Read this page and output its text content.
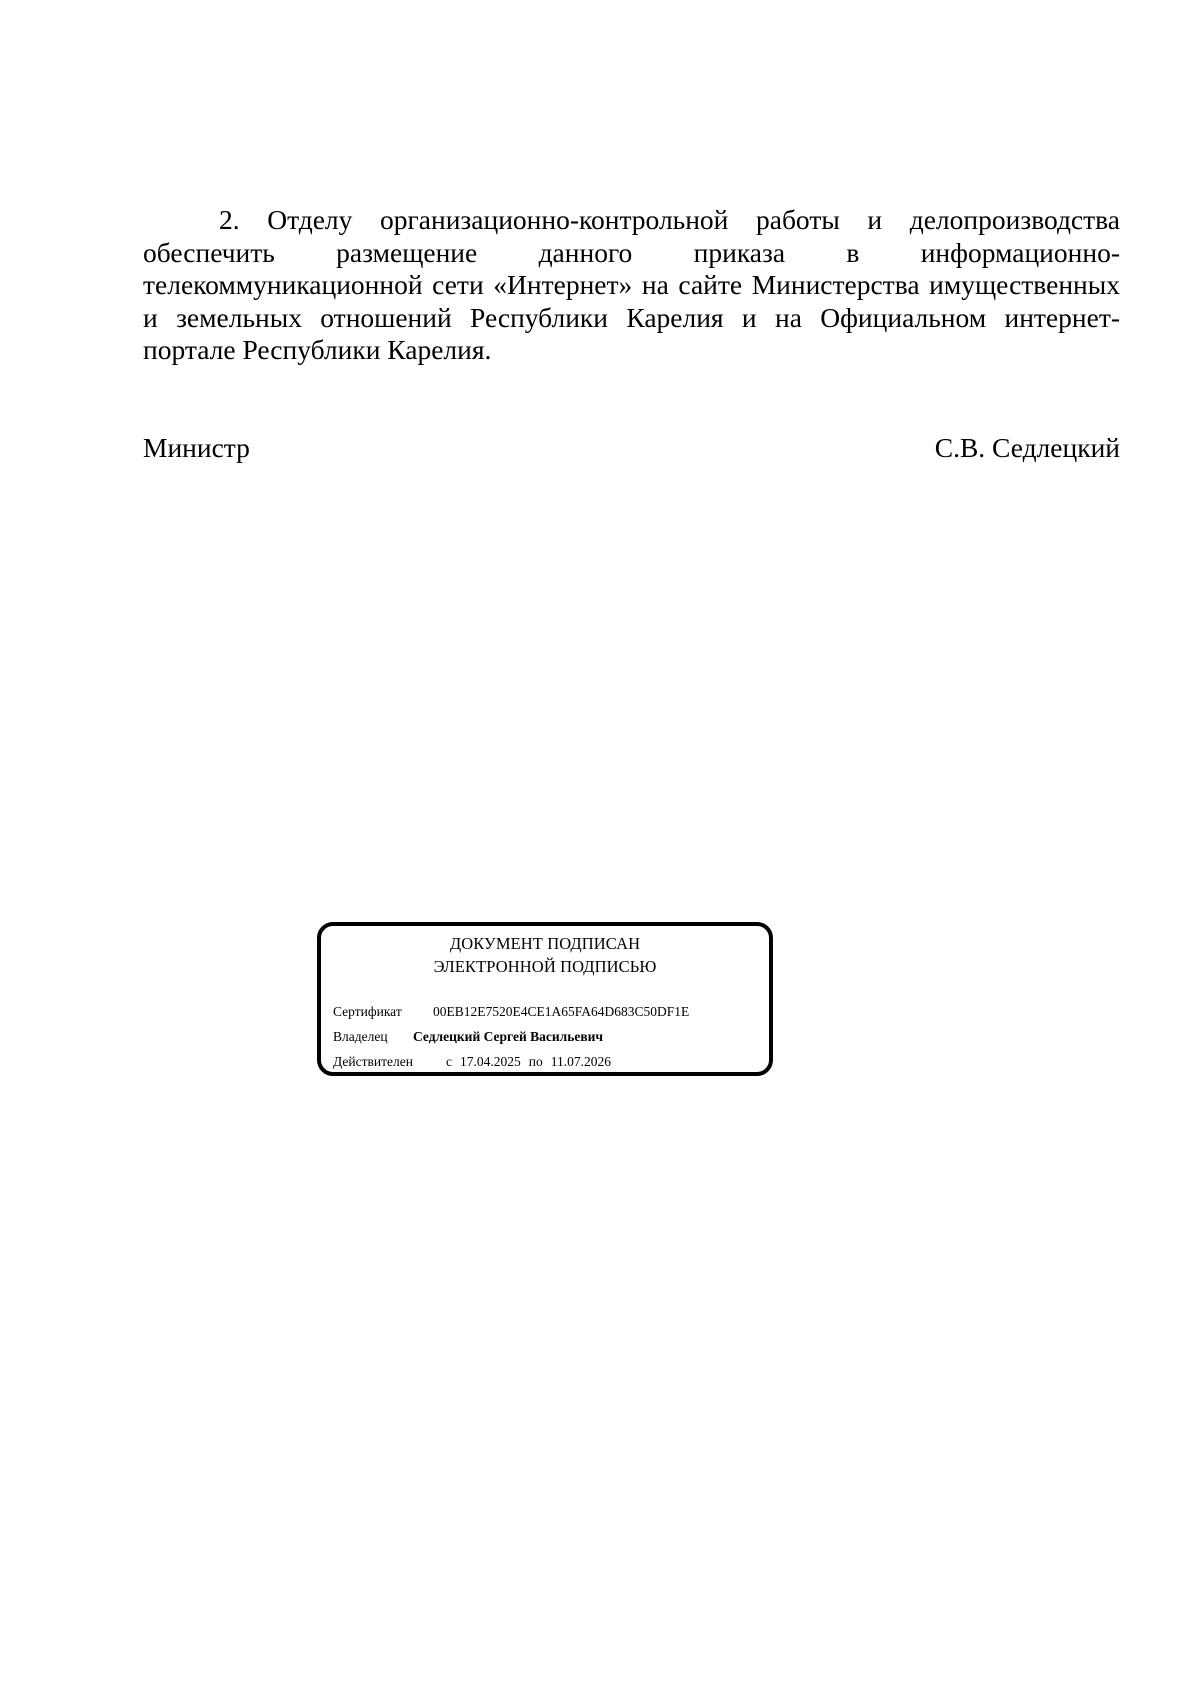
2. Отделу организационно-контрольной работы и делопроизводства обеспечить размещение данного приказа в информационно-телекоммуникационной сети «Интернет» на сайте Министерства имущественных и земельных отношений Республики Карелия и на Официальном интернет-портале Республики Карелия.

Министр	С.В. Седлецкий
ДОКУМЕНТ ПОДПИСАН
ЭЛЕКТРОННОЙ ПОДПИСЬЮ
Сертификат 00EB12E7520E4CE1A65FA64D683C50DF1E
Владелец Седлецкий Сергей Васильевич
Действителен с 17.04.2025 по 11.07.2026
